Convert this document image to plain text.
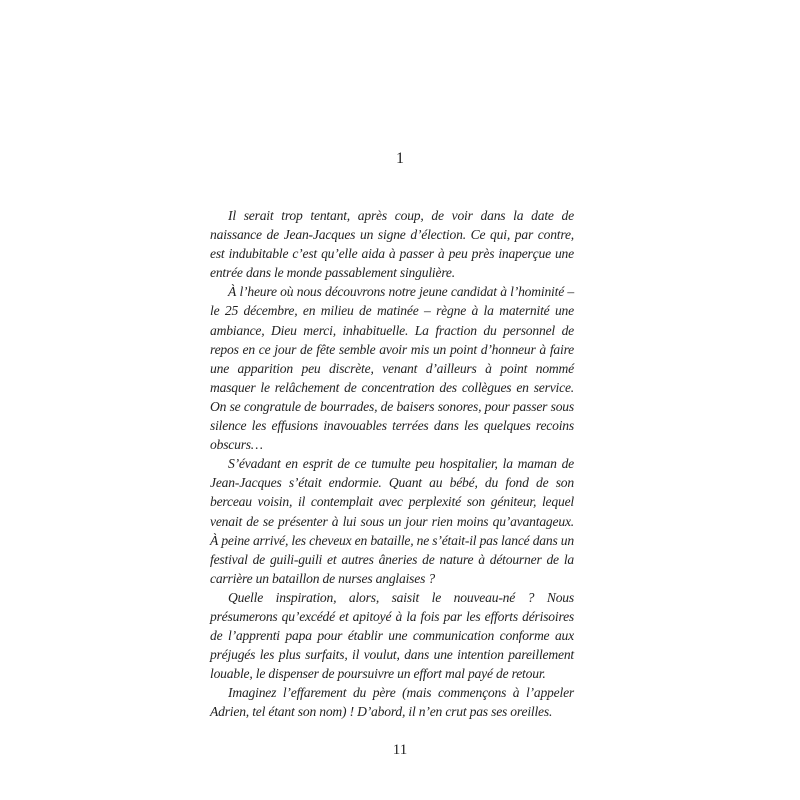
1

Il serait trop tentant, après coup, de voir dans la date de naissance de Jean-Jacques un signe d’élection. Ce qui, par contre, est indubitable c’est qu’elle aida à passer à peu près inaperçue une entrée dans le monde passablement singulière.

À l’heure où nous découvrons notre jeune candidat à l’hominité – le 25 décembre, en milieu de matinée – règne à la maternité une ambiance, Dieu merci, inhabituelle. La fraction du personnel de repos en ce jour de fête semble avoir mis un point d’honneur à faire une apparition peu discrète, venant d’ailleurs à point nommé masquer le relâchement de concentration des collègues en service. On se congratule de bourrades, de baisers sonores, pour passer sous silence les effusions inavouables terrées dans les quelques recoins obscurs…

S’évadant en esprit de ce tumulte peu hospitalier, la maman de Jean-Jacques s’était endormie. Quant au bébé, du fond de son berceau voisin, il contemplait avec perplexité son géniteur, lequel venait de se présenter à lui sous un jour rien moins qu’avantageux. À peine arrivé, les cheveux en bataille, ne s’était-il pas lancé dans un festival de guili-guili et autres âneries de nature à détourner de la carrière un bataillon de nurses anglaises ?

Quelle inspiration, alors, saisit le nouveau-né ? Nous présumerons qu’excédé et apitoyé à la fois par les efforts dérisoires de l’apprenti papa pour établir une communication conforme aux préjugés les plus surfaits, il voulut, dans une intention pareillement louable, le dispenser de poursuivre un effort mal payé de retour.

Imaginez l’effarement du père (mais commençons à l’appeler Adrien, tel étant son nom) ! D’abord, il n’en crut pas ses oreilles.

11
